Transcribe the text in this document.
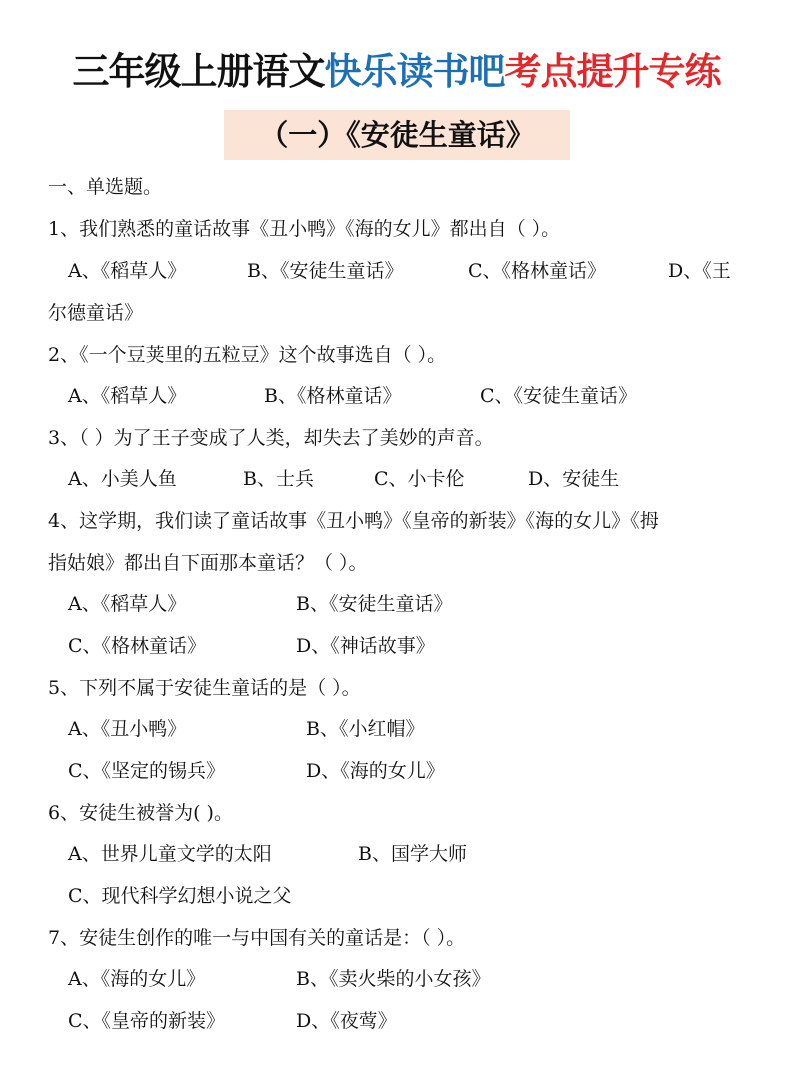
三年级上册语文快乐读书吧考点提升专练
（一）《安徒生童话》
一、单选题。
1、我们熟悉的童话故事《丑小鸭》《海的女儿》都出自（ ）。
A、《稻草人》	B、《安徒生童话》	C、《格林童话》	D、《王
尔德童话》
2、《一个豆荚里的五粒豆》这个故事选自（ ）。
A、《稻草人》	B、《格林童话》	C、《安徒生童话》
3、（ ）为了王子变成了人类，却失去了美妙的声音。
A、小美人鱼	B、士兵	C、小卡伦	D、安徒生
4、这学期，我们读了童话故事《丑小鸭》《皇帝的新装》《海的女儿》《拇
指姑娘》都出自下面那本童话？（ ）。
A、《稻草人》	B、《安徒生童话》
C、《格林童话》	D、《神话故事》
5、下列不属于安徒生童话的是（ ）。
A、《丑小鸭》	B、《小红帽》
C、《坚定的锡兵》	D、《海的女儿》
6、安徒生被誉为( )。
A、世界儿童文学的太阳	B、国学大师
C、现代科学幻想小说之父
7、安徒生创作的唯一与中国有关的童话是：（ ）。
A、《海的女儿》	B、《卖火柴的小女孩》
C、《皇帝的新装》	D、《夜莺》
